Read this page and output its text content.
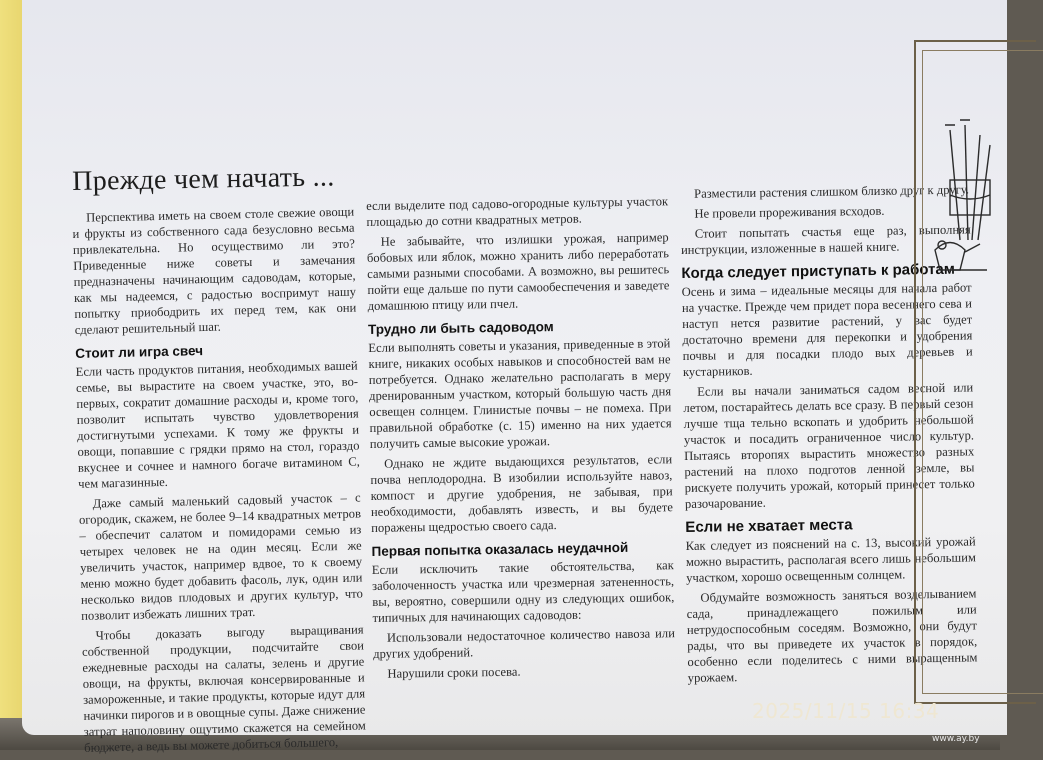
Прежде чем начать ...

Перспектива иметь на своем столе свежие овощи и фрукты из собственного сада безусловно весьма привлекательна. Но осуществимо ли это? Приведенные ниже советы и замечания предназначены начинающим садоводам, которые, как мы надеемся, с радостью воспримут нашу попытку приободрить их перед тем, как они сделают решительный шаг.

Стоит ли игра свеч

Если часть продуктов питания, необходимых вашей семье, вы вырастите на своем участке, это, во-первых, сократит домашние расходы и, кроме того, позволит испытать чувство удовлетворения достигнутыми успехами. К тому же фрукты и овощи, попавшие с грядки прямо на стол, гораздо вкуснее и сочнее и намного богаче витамином С, чем магазинные.

Даже самый маленький садовый участок – с огородик, скажем, не более 9–14 квадратных метров – обеспечит салатом и помидорами семью из четырех человек не на один месяц. Если же увеличить участок, например вдвое, то к своему меню можно будет добавить фасоль, лук, один или несколько видов плодовых и других культур, что позволит избежать лишних трат.

Чтобы доказать выгоду выращивания собственной продукции, подсчитайте свои ежедневные расходы на салаты, зелень и другие овощи, на фрукты, включая консервированные и замороженные, и такие продукты, которые идут для начинки пирогов и в овощные супы. Даже снижение затрат наполовину ощутимо скажется на семейном бюджете, а ведь вы можете добиться большего,

если выделите под садово-огородные культуры участок площадью до сотни квадратных метров.

Не забывайте, что излишки урожая, например бобовых или яблок, можно хранить либо переработать самыми разными способами. А возможно, вы решитесь пойти еще дальше по пути самообеспечения и заведете домашнюю птицу или пчел.

Трудно ли быть садоводом

Если выполнять советы и указания, приведенные в этой книге, никаких особых навыков и способностей вам не потребуется. Однако желательно располагать в меру дренированным участком, который большую часть дня освещен солнцем. Глинистые почвы – не помеха. При правильной обработке (с. 15) именно на них удается получить самые высокие урожаи.

Однако не ждите выдающихся результатов, если почва неплодородна. В изобилии используйте навоз, компост и другие удобрения, не забывая, при необходимости, добавлять известь, и вы будете поражены щедростью своего сада.

Первая попытка оказалась неудачной

Если исключить такие обстоятельства, как заболоченность участка или чрезмерная затененность, вы, вероятно, совершили одну из следующих ошибок, типичных для начинающих садоводов:

Использовали недостаточное количество навоза или других удобрений.

Нарушили сроки посева.

Разместили растения слишком близко друг к другу.

Не провели прореживания всходов.

Стоит попытать счастья еще раз, выполняя инструкции, изложенные в нашей книге.

Когда следует приступать к работам

Осень и зима – идеальные месяцы для начала работ на участке. Прежде чем придет пора весеннего сева и наступ нется развитие растений, у вас будет достаточно времени для перекопки и удобрения почвы и для посадки плодо вых деревьев и кустарников.

Если вы начали заниматься садом весной или летом, постарайтесь делать все сразу. В первый сезон лучше тща тельно вскопать и удобрить небольшой участок и посадить ограниченное число культур. Пытаясь второпях вырастить множество разных растений на плохо подготов ленной земле, вы рискуете получить урожай, который принесет только разочарование.

Если не хватает места

Как следует из пояснений на с. 13, высокий урожай можно вырастить, располагая всего лишь небольшим участком, хорошо освещенным солнцем.

Обдумайте возможность заняться возделыванием сада, принадлежащего пожилым или нетрудоспособным соседям. Возможно, они будут рады, что вы приведете их участок в порядок, особенно если поделитесь с ними выращенным урожаем.

2025/11/15 16:34
www.ay.by
